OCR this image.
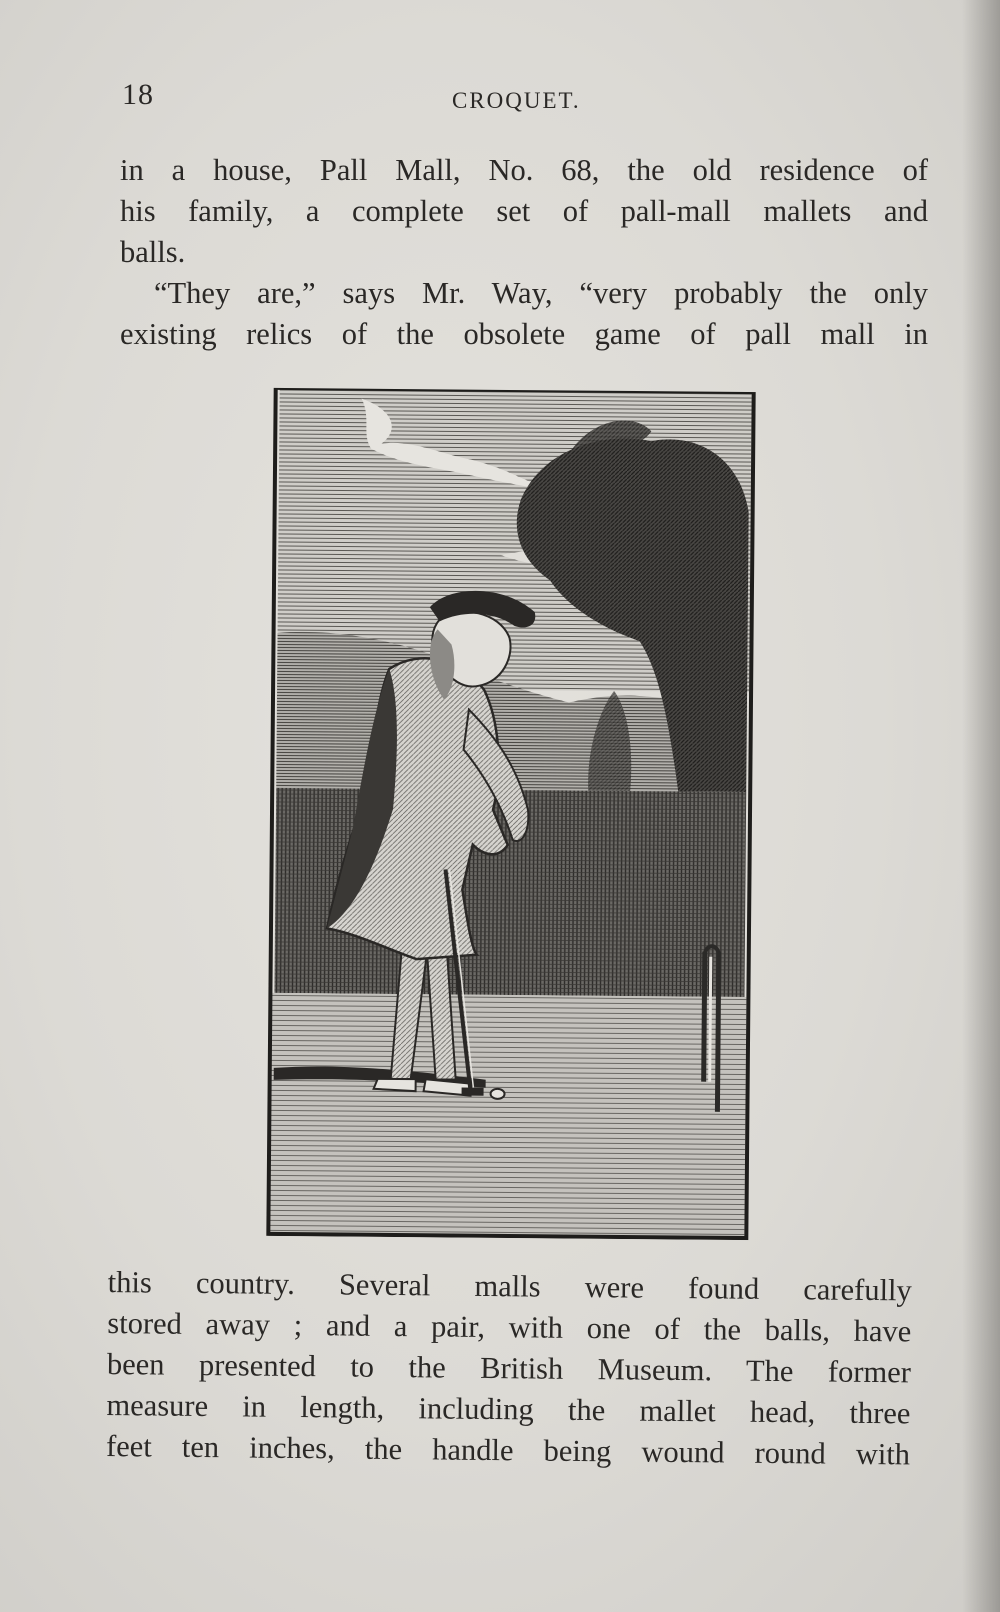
18	CROQUET.

in a house, Pall Mall, No. 68, the old residence of
his family, a complete set of pall-mall mallets and
balls.

“They are,” says Mr. Way, “very probably the only
existing relics of the obsolete game of pall mall in

this country. Several malls were found carefully
stored away ; and a pair, with one of the balls, have
been presented to the British Museum. The former
measure in length, including the mallet head, three
feet ten inches, the handle being wound round with
